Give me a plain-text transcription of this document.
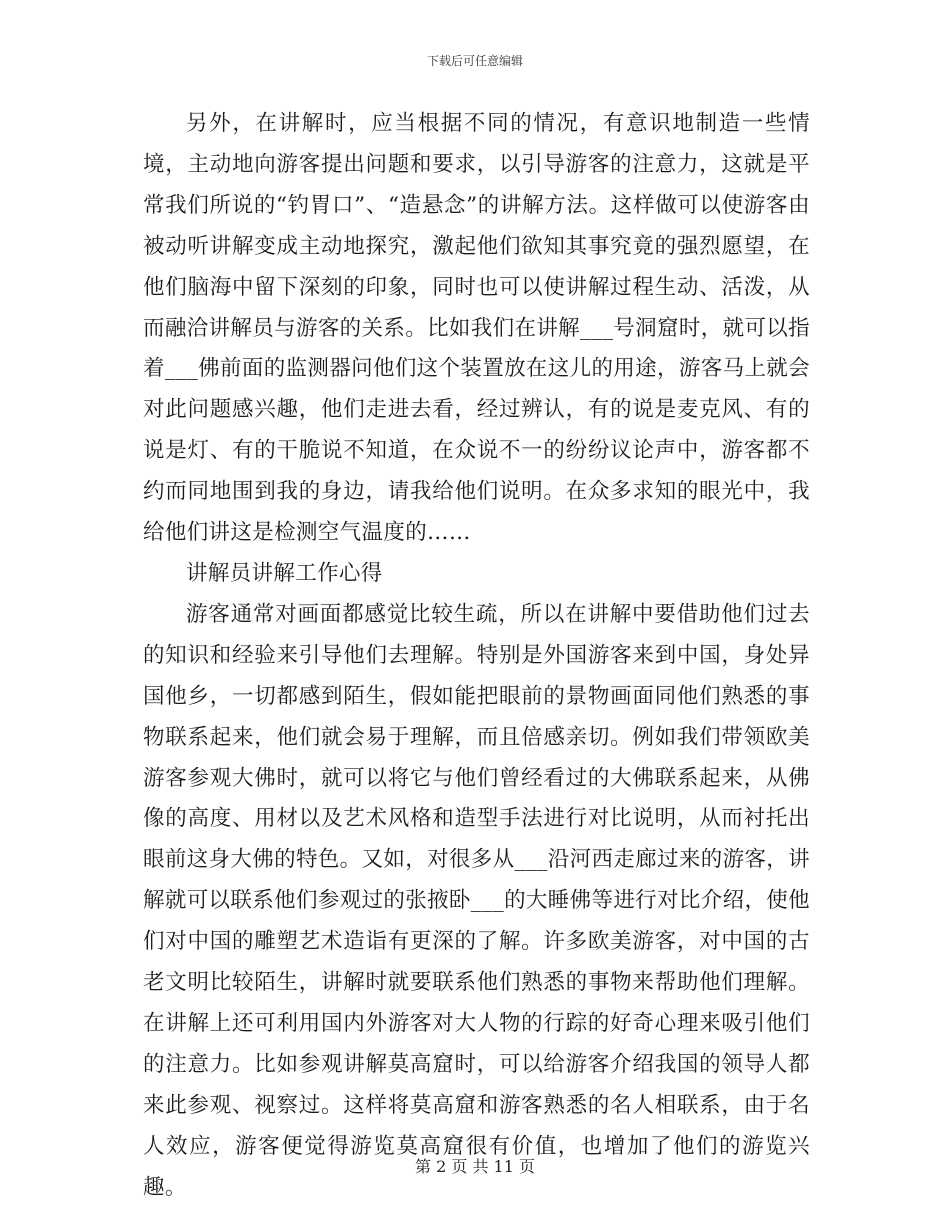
下载后可任意编辑

另外，在讲解时，应当根据不同的情况，有意识地制造一些情境，主动地向游客提出问题和要求，以引导游客的注意力，这就是平常我们所说的“钓胃口”、“造悬念”的讲解方法。这样做可以使游客由被动听讲解变成主动地探究，激起他们欲知其事究竟的强烈愿望，在他们脑海中留下深刻的印象，同时也可以使讲解过程生动、活泼，从而融洽讲解员与游客的关系。比如我们在讲解___号洞窟时，就可以指着___佛前面的监测器问他们这个装置放在这儿的用途，游客马上就会对此问题感兴趣，他们走进去看，经过辨认，有的说是麦克风、有的说是灯、有的干脆说不知道，在众说不一的纷纷议论声中，游客都不约而同地围到我的身边，请我给他们说明。在众多求知的眼光中，我给他们讲这是检测空气温度的……

讲解员讲解工作心得

游客通常对画面都感觉比较生疏，所以在讲解中要借助他们过去的知识和经验来引导他们去理解。特别是外国游客来到中国，身处异国他乡，一切都感到陌生，假如能把眼前的景物画面同他们熟悉的事物联系起来，他们就会易于理解，而且倍感亲切。例如我们带领欧美游客参观大佛时，就可以将它与他们曾经看过的大佛联系起来，从佛像的高度、用材以及艺术风格和造型手法进行对比说明，从而衬托出眼前这身大佛的特色。又如，对很多从___沿河西走廊过来的游客，讲解就可以联系他们参观过的张掖卧___的大睡佛等进行对比介绍，使他们对中国的雕塑艺术造诣有更深的了解。许多欧美游客，对中国的古老文明比较陌生，讲解时就要联系他们熟悉的事物来帮助他们理解。在讲解上还可利用国内外游客对大人物的行踪的好奇心理来吸引他们的注意力。比如参观讲解莫高窟时，可以给游客介绍我国的领导人都来此参观、视察过。这样将莫高窟和游客熟悉的名人相联系，由于名人效应，游客便觉得游览莫高窟很有价值，也增加了他们的游览兴趣。

第 2 页 共 11 页
